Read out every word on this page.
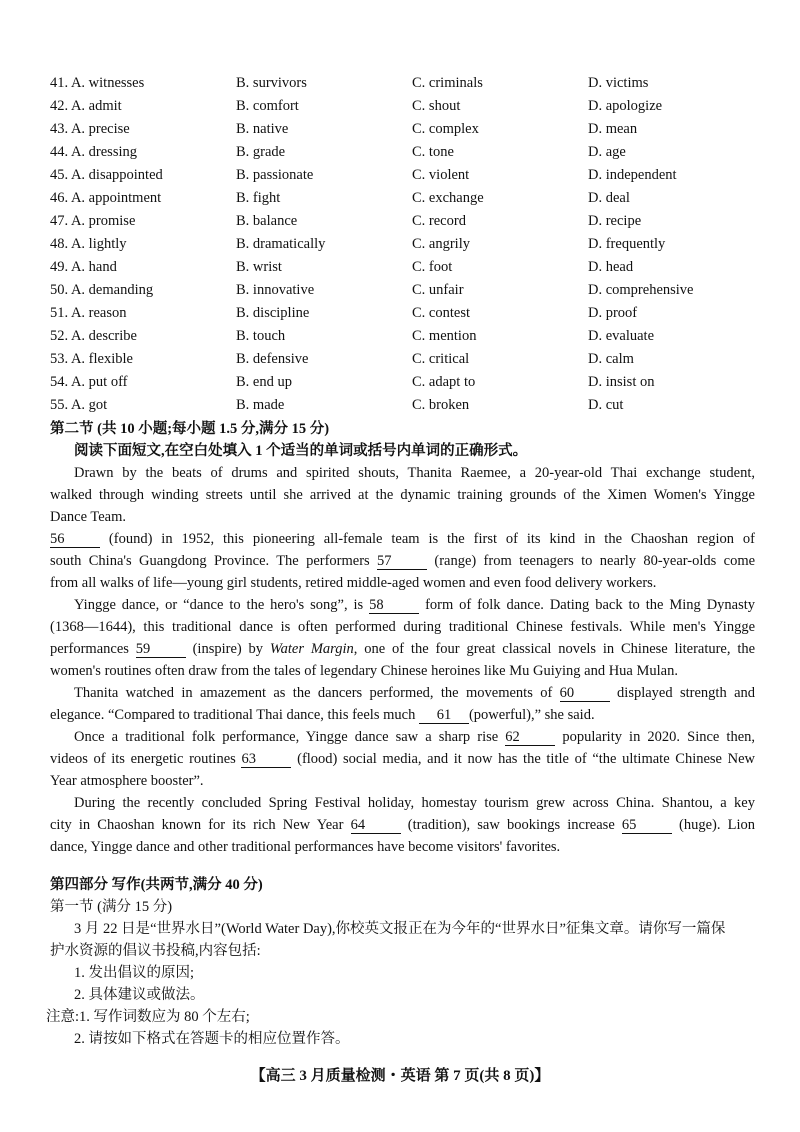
41. A. witnesses	B. survivors	C. criminals	D. victims
42. A. admit	B. comfort	C. shout	D. apologize
43. A. precise	B. native	C. complex	D. mean
44. A. dressing	B. grade	C. tone	D. age
45. A. disappointed	B. passionate	C. violent	D. independent
46. A. appointment	B. fight	C. exchange	D. deal
47. A. promise	B. balance	C. record	D. recipe
48. A. lightly	B. dramatically	C. angrily	D. frequently
49. A. hand	B. wrist	C. foot	D. head
50. A. demanding	B. innovative	C. unfair	D. comprehensive
51. A. reason	B. discipline	C. contest	D. proof
52. A. describe	B. touch	C. mention	D. evaluate
53. A. flexible	B. defensive	C. critical	D. calm
54. A. put off	B. end up	C. adapt to	D. insist on
55. A. got	B. made	C. broken	D. cut
第二节 (共 10 小题;每小题 1.5 分,满分 15 分)
阅读下面短文,在空白处填入 1 个适当的单词或括号内单词的正确形式。
Drawn by the beats of drums and spirited shouts, Thanita Raemee, a 20-year-old Thai exchange student,
walked through winding streets until she arrived at the dynamic training grounds of the Ximen Women's Yingge
Dance Team.
56	(found) in 1952, this pioneering all-female team is the first of its kind in the Chaoshan region of
south China's Guangdong Province. The performers 57	(range) from teenagers to nearly 80-year-olds come
from all walks of life—young girl students, retired middle-aged women and even food delivery workers.
Yingge dance, or “dance to the hero's song”, is 58	form of folk dance. Dating back to the Ming Dynasty
(1368—1644), this traditional dance is often performed during traditional Chinese festivals. While men's Yingge
performances 59	(inspire) by Water Margin, one of the four great classical novels in Chinese literature, the
women's routines often draw from the tales of legendary Chinese heroines like Mu Guiying and Hua Mulan.
Thanita watched in amazement as the dancers performed, the movements of 60	displayed strength and
elegance. “Compared to traditional Thai dance, this feels much 61 (powerful),” she said.
Once a traditional folk performance, Yingge dance saw a sharp rise 62	popularity in 2020. Since then,
videos of its energetic routines 63	(flood) social media, and it now has the title of “the ultimate Chinese New
Year atmosphere booster”.
During the recently concluded Spring Festival holiday, homestay tourism grew across China. Shantou, a key
city in Chaoshan known for its rich New Year 64	(tradition), saw bookings increase 65	(huge). Lion
dance, Yingge dance and other traditional performances have become visitors' favorites.
第四部分 写作(共两节,满分 40 分)
第一节 (满分 15 分)
3 月 22 日是“世界水日”(World Water Day),你校英文报正在为今年的“世界水日”征集文章。请你写一篇保
护水资源的倡议书投稿,内容包括:
1. 发出倡议的原因;
2. 具体建议或做法。
注意:1. 写作词数应为 80 个左右;
2. 请按如下格式在答题卡的相应位置作答。
【高三 3 月质量检测・英语 第 7 页(共 8 页)】
